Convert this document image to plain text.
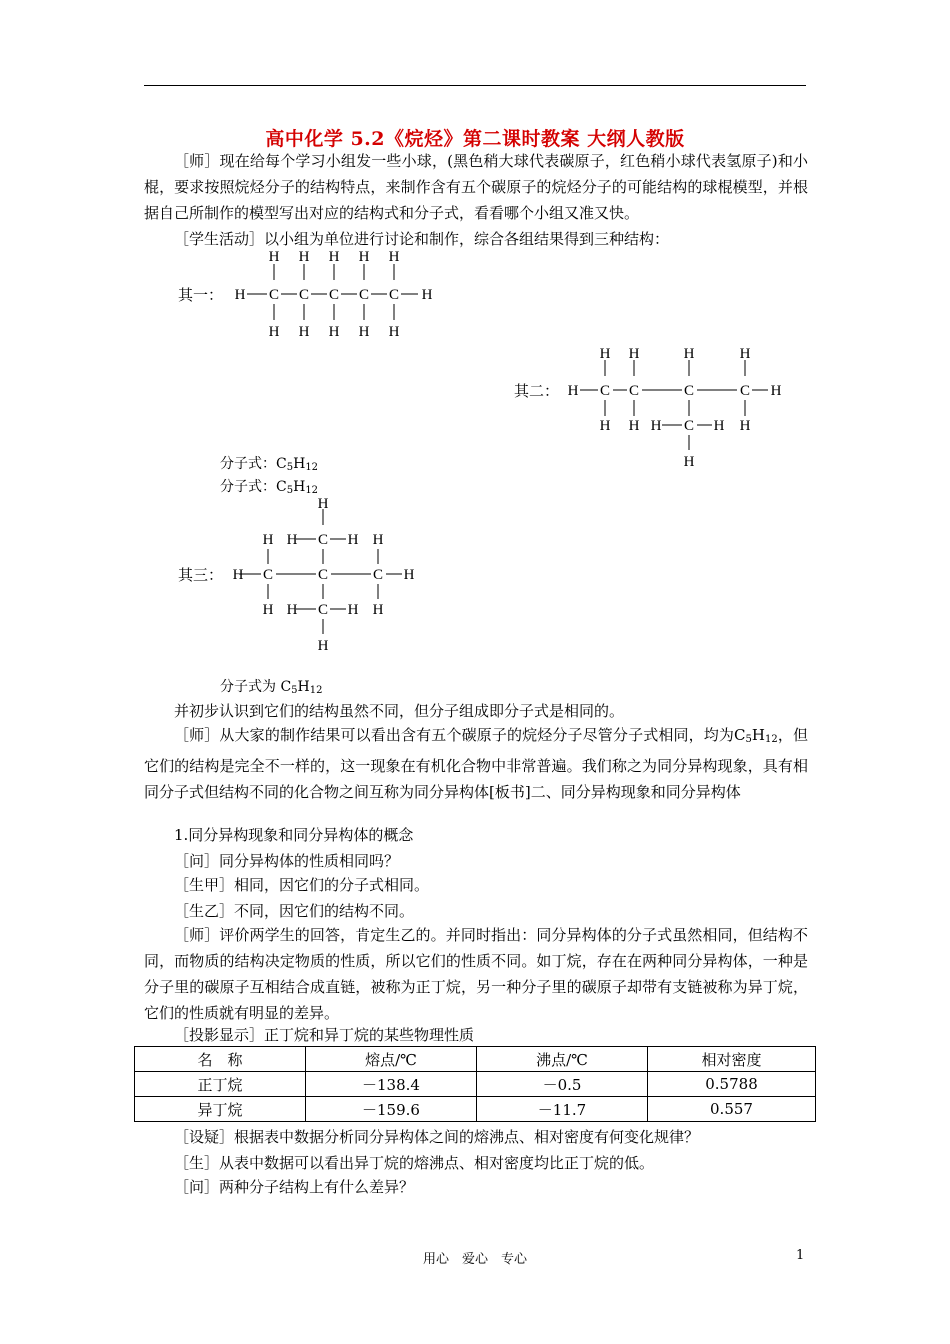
高中化学 5.2《烷烃》第二课时教案 大纲人教版
［师］现在给每个学习小组发一些小球，(黑色稍大球代表碳原子，红色稍小球代表氢原子)和小棍，要求按照烷烃分子的结构特点，来制作含有五个碳原子的烷烃分子的可能结构的球棍模型，并根据自己所制作的模型写出对应的结构式和分子式，看看哪个小组又准又快。
［学生活动］以小组为单位进行讨论和制作，综合各组结果得到三种结构：
其一： H C C C C C H
H H H H H
H H H H H
其二： H C C	C	C H
H H	H	H
H H H C H H
H
分子式：$C_5H_{12}$
分子式：$C_5H_{12}$
其三：
H
H H C H H
H C	C	C H
H H C H H
H
分子式为 $C_5H_{12}$
并初步认识到它们的结构虽然不同，但分子组成即分子式是相同的。
［师］从大家的制作结果可以看出含有五个碳原子的烷烃分子尽管分子式相同，均为$C_5H_{12}$，但它们的结构是完全不一样的，这一现象在有机化合物中非常普遍。我们称之为同分异构现象，具有相同分子式但结构不同的化合物之间互称为同分异构体[板书]二、同分异构现象和同分异构体
1.同分异构现象和同分异构体的概念
［问］同分异构体的性质相同吗？
［生甲］相同，因它们的分子式相同。
［生乙］不同，因它们的结构不同。
［师］评价两学生的回答，肯定生乙的。并同时指出：同分异构体的分子式虽然相同，但结构不同，而物质的结构决定物质的性质，所以它们的性质不同。如丁烷，存在在两种同分异构体，一种是分子里的碳原子互相结合成直链，被称为正丁烷，另一种分子里的碳原子却带有支链被称为异丁烷，它们的性质就有明显的差异。
［投影显示］正丁烷和异丁烷的某些物理性质
名　称	熔点/℃	沸点/℃	相对密度
正丁烷	－138.4	－0.5	0.5788
异丁烷	－159.6	－11.7	0.557
［设疑］根据表中数据分析同分异构体之间的熔沸点、相对密度有何变化规律？
［生］从表中数据可以看出异丁烷的熔沸点、相对密度均比正丁烷的低。
［问］两种分子结构上有什么差异？
用心　爱心　专心	1
